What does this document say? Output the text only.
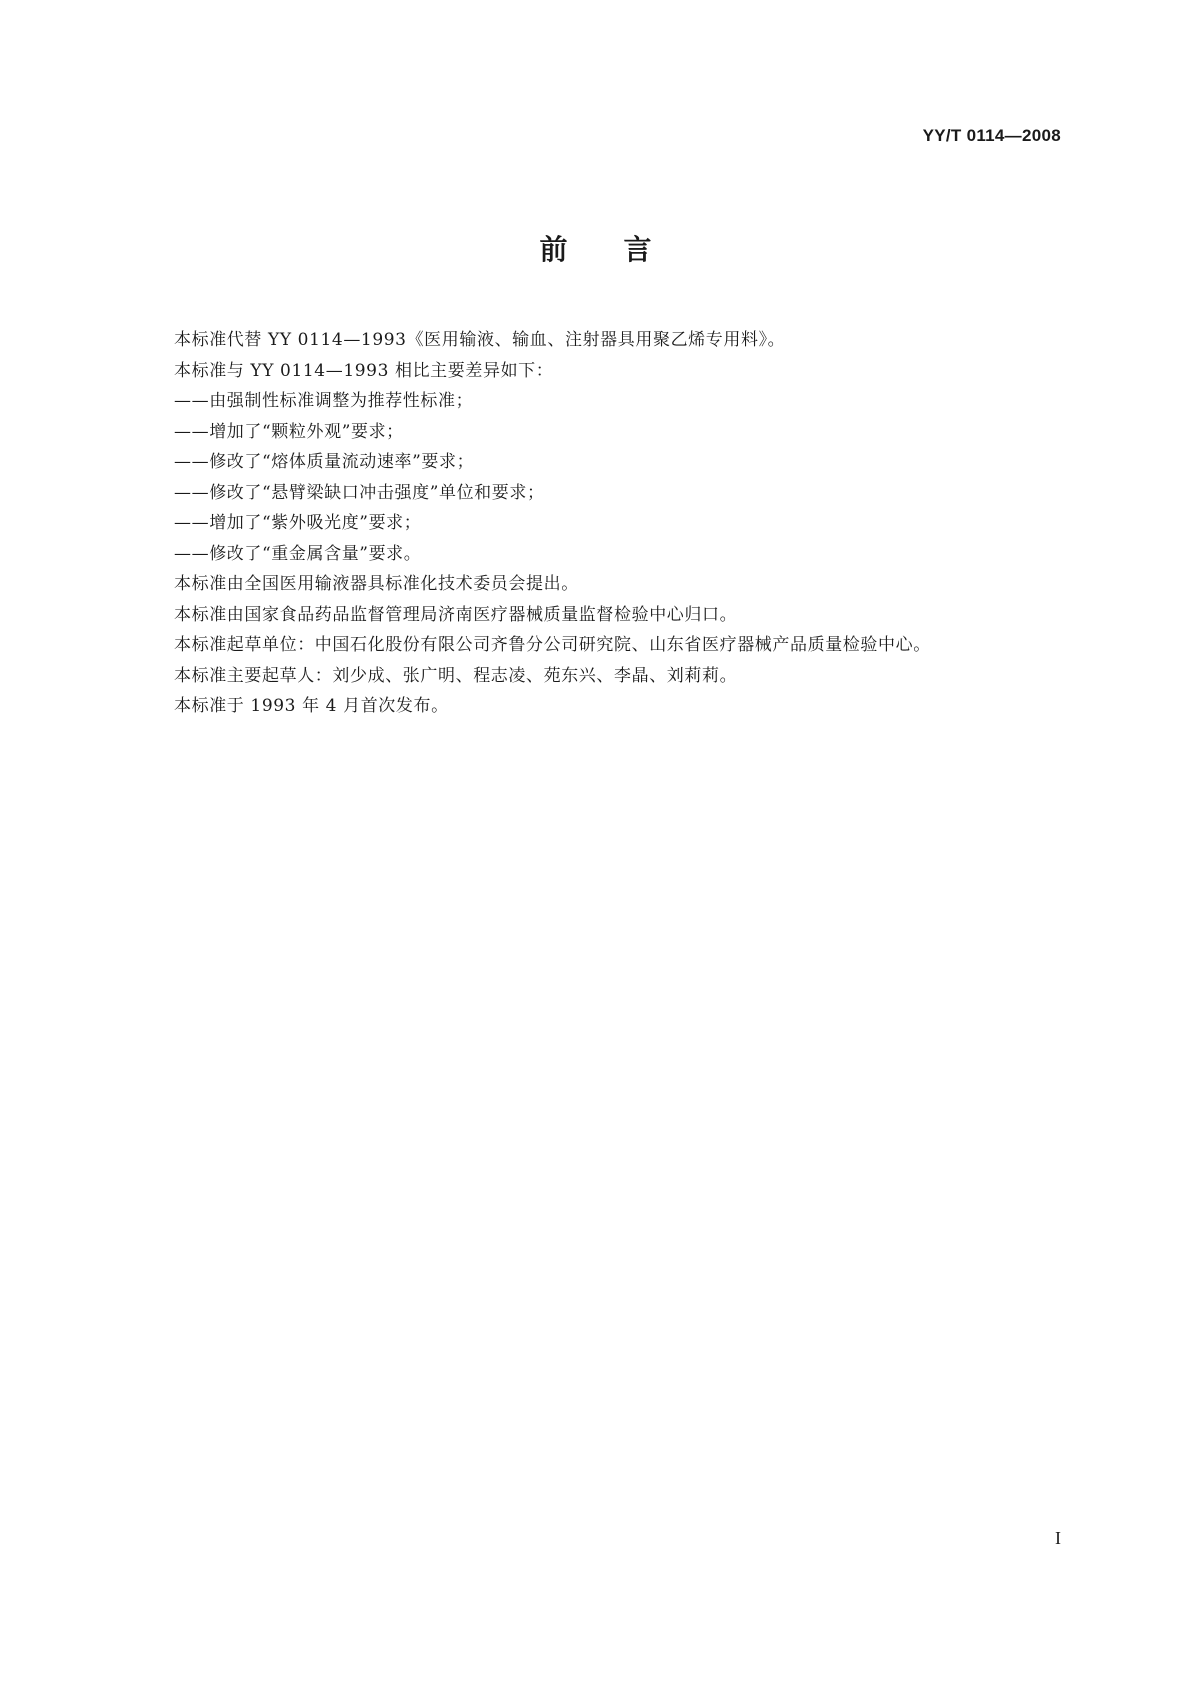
YY/T 0114—2008
前言
本标准代替 YY 0114—1993《医用输液、输血、注射器具用聚乙烯专用料》。
本标准与 YY 0114—1993 相比主要差异如下：
——由强制性标准调整为推荐性标准；
——增加了“颗粒外观”要求；
——修改了“熔体质量流动速率”要求；
——修改了“悬臂梁缺口冲击强度”单位和要求；
——增加了“紫外吸光度”要求；
——修改了“重金属含量”要求。
本标准由全国医用输液器具标准化技术委员会提出。
本标准由国家食品药品监督管理局济南医疗器械质量监督检验中心归口。
本标准起草单位：中国石化股份有限公司齐鲁分公司研究院、山东省医疗器械产品质量检验中心。
本标准主要起草人：刘少成、张广明、程志凌、苑东兴、李晶、刘莉莉。
本标准于 1993 年 4 月首次发布。
I
